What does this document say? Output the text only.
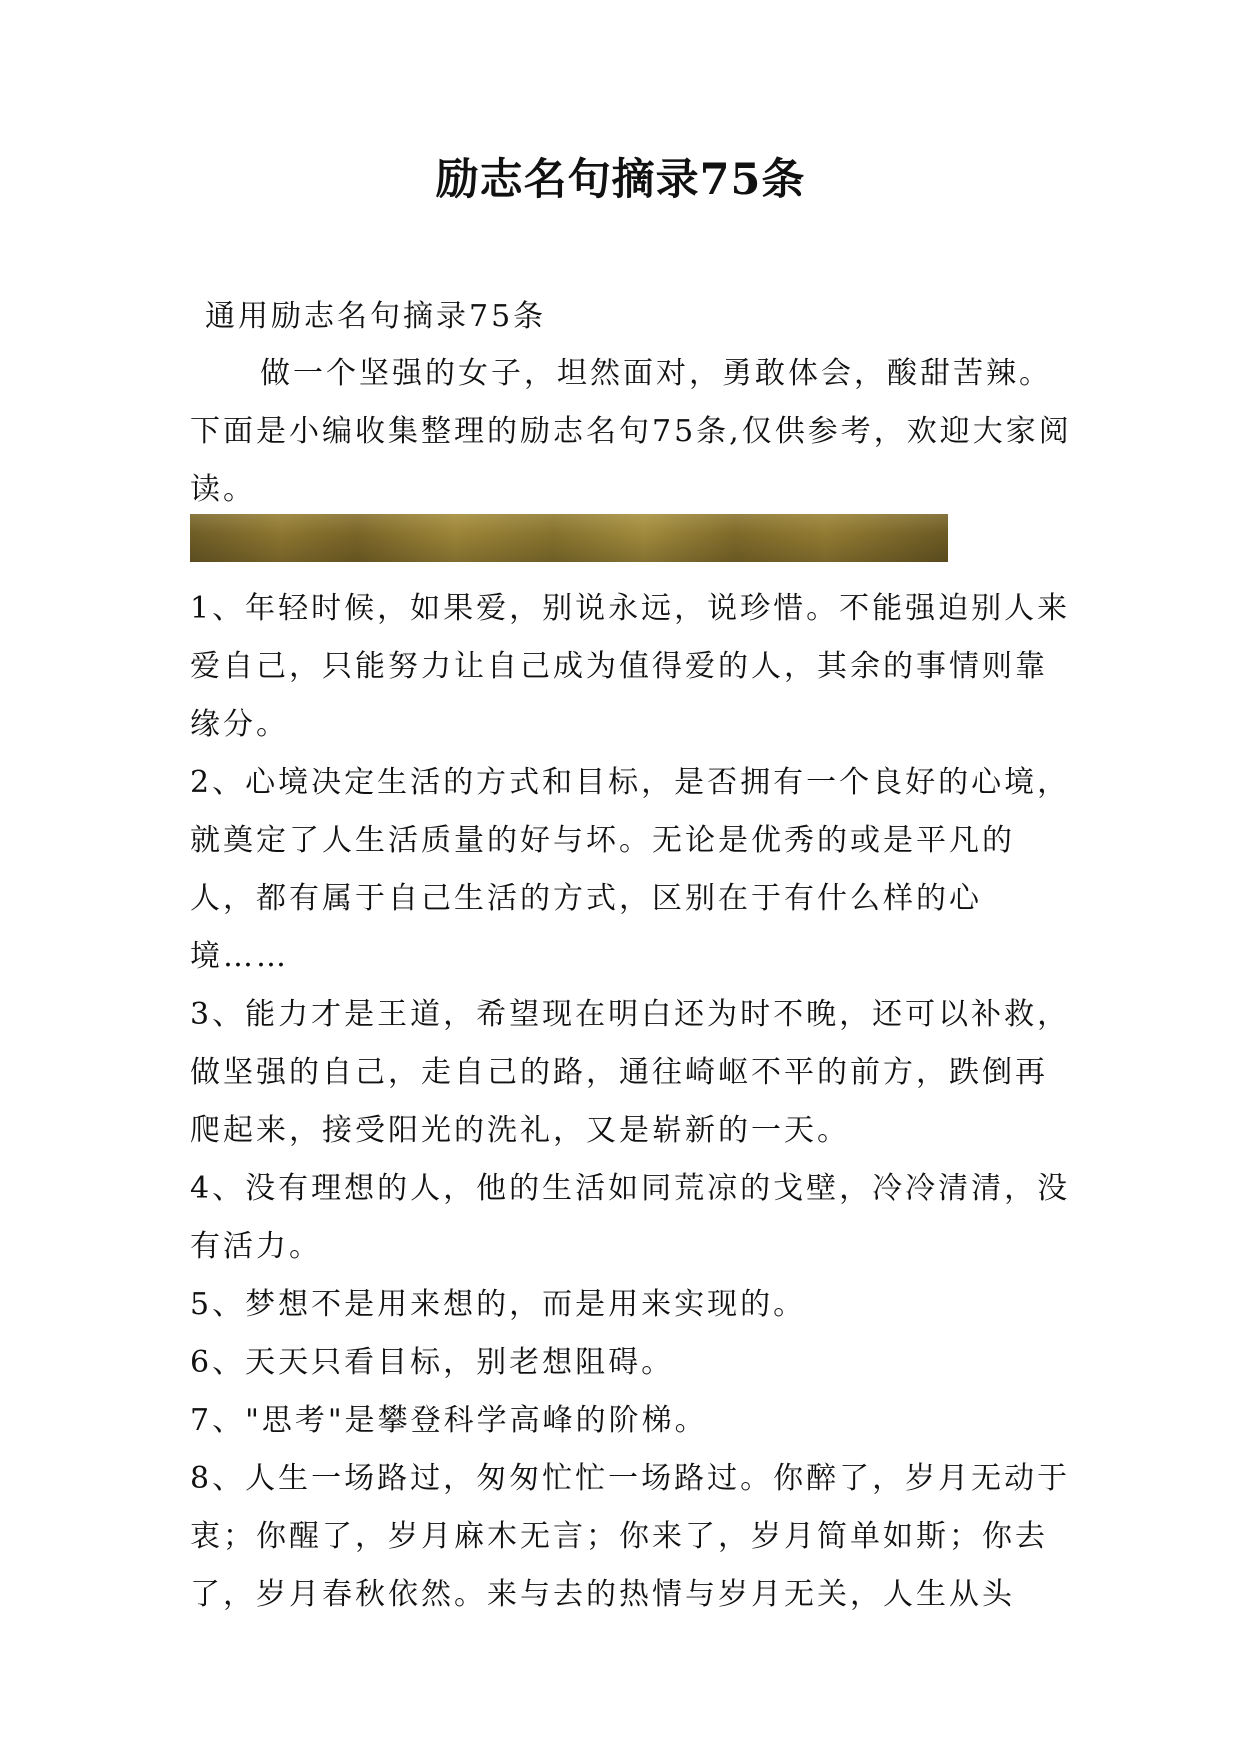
励志名句摘录75条

通用励志名句摘录75条

做一个坚强的女子，坦然面对，勇敢体会，酸甜苦辣。下面是小编收集整理的励志名句75条,仅供参考，欢迎大家阅读。

1、年轻时候，如果爱，别说永远，说珍惜。不能强迫别人来爱自己，只能努力让自己成为值得爱的人，其余的事情则靠缘分。

2、心境决定生活的方式和目标，是否拥有一个良好的心境，就奠定了人生活质量的好与坏。无论是优秀的或是平凡的人，都有属于自己生活的方式，区别在于有什么样的心境……

3、能力才是王道，希望现在明白还为时不晚，还可以补救，做坚强的自己，走自己的路，通往崎岖不平的前方，跌倒再爬起来，接受阳光的洗礼，又是崭新的一天。

4、没有理想的人，他的生活如同荒凉的戈壁，冷冷清清，没有活力。

5、梦想不是用来想的，而是用来实现的。

6、天天只看目标，别老想阻碍。

7、"思考"是攀登科学高峰的阶梯。

8、人生一场路过，匆匆忙忙一场路过。你醉了，岁月无动于衷；你醒了，岁月麻木无言；你来了，岁月简单如斯；你去了，岁月春秋依然。来与去的热情与岁月无关，人生从头
